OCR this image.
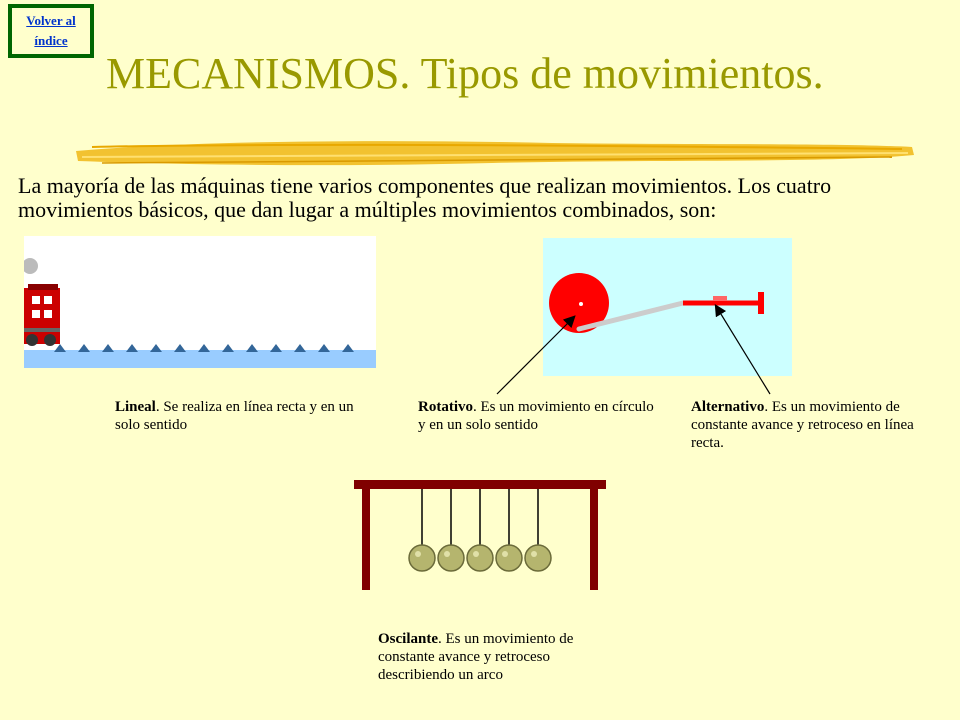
Volver al índice
MECANISMOS. Tipos de movimientos.

La mayoría de las máquinas tiene varios componentes que realizan movimientos. Los cuatro movimientos básicos, que dan lugar a múltiples movimientos combinados, son:

Lineal. Se realiza en línea recta y en un solo sentido

Rotativo. Es un movimiento en círculo y en un solo sentido

Alternativo. Es un movimiento de constante avance y retroceso en línea recta.

Oscilante. Es un movimiento de constante avance y retroceso describiendo un arco
